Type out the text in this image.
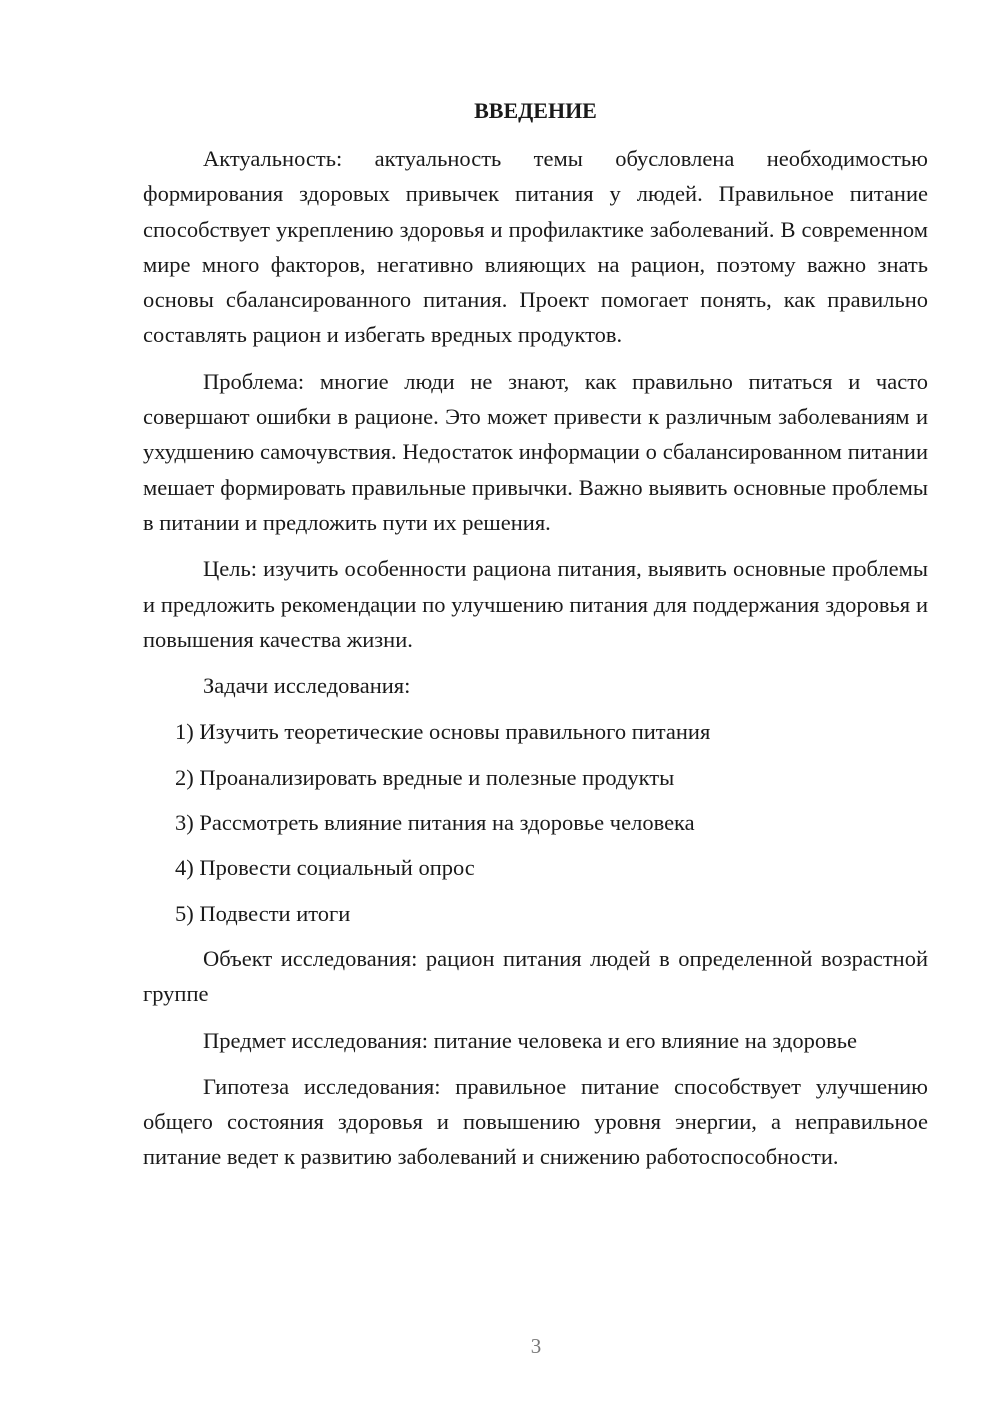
ВВЕДЕНИЕ

Актуальность: актуальность темы обусловлена необходимостью формирования здоровых привычек питания у людей. Правильное питание способствует укреплению здоровья и профилактике заболеваний. В современном мире много факторов, негативно влияющих на рацион, поэтому важно знать основы сбалансированного питания. Проект помогает понять, как правильно составлять рацион и избегать вредных продуктов.

Проблема: многие люди не знают, как правильно питаться и часто совершают ошибки в рационе. Это может привести к различным заболеваниям и ухудшению самочувствия. Недостаток информации о сбалансированном питании мешает формировать правильные привычки. Важно выявить основные проблемы в питании и предложить пути их решения.

Цель: изучить особенности рациона питания, выявить основные проблемы и предложить рекомендации по улучшению питания для поддержания здоровья и повышения качества жизни.

Задачи исследования:

1) Изучить теоретические основы правильного питания

2) Проанализировать вредные и полезные продукты

3) Рассмотреть влияние питания на здоровье человека

4) Провести социальный опрос

5) Подвести итоги

Объект исследования: рацион питания людей в определенной возрастной группе

Предмет исследования: питание человека и его влияние на здоровье

Гипотеза исследования: правильное питание способствует улучшению общего состояния здоровья и повышению уровня энергии, а неправильное питание ведет к развитию заболеваний и снижению работоспособности.

3
